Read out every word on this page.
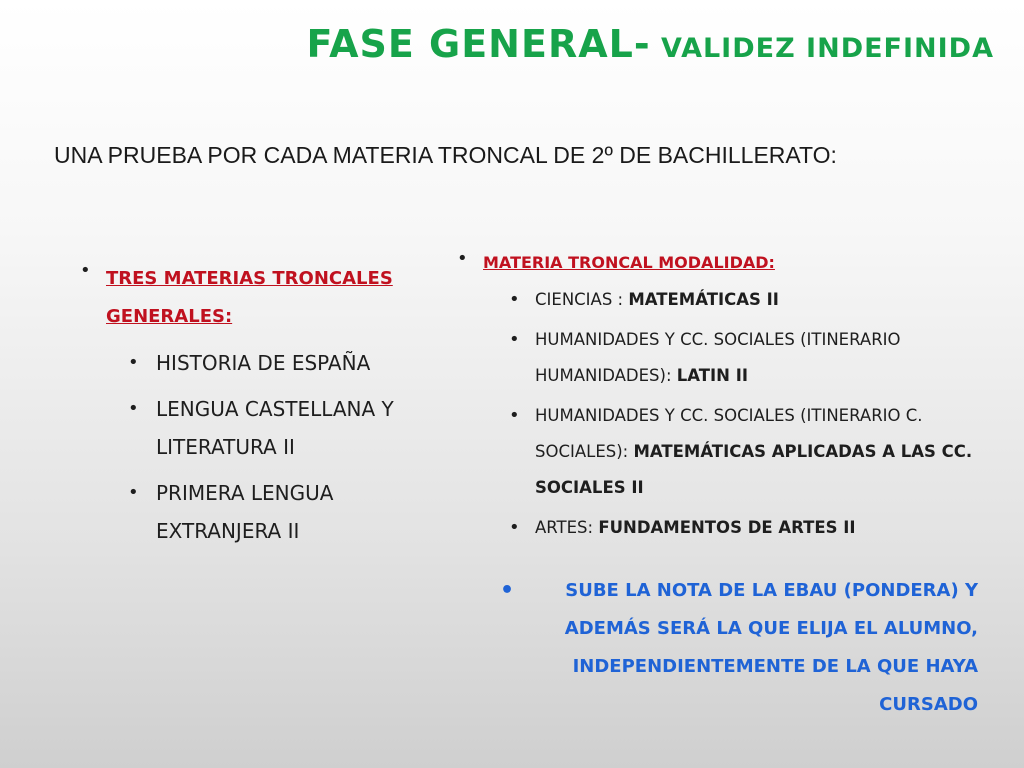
FASE GENERAL- VALIDEZ INDEFINIDA
UNA PRUEBA POR CADA MATERIA TRONCAL DE 2º DE BACHILLERATO:
• TRES MATERIAS TRONCALES GENERALES:
• HISTORIA DE ESPAÑA
• LENGUA CASTELLANA Y LITERATURA II
• PRIMERA LENGUA EXTRANJERA II
• MATERIA TRONCAL MODALIDAD:
• CIENCIAS : MATEMÁTICAS II
• HUMANIDADES Y CC. SOCIALES (ITINERARIO HUMANIDADES): LATIN II
• HUMANIDADES Y CC. SOCIALES (ITINERARIO C. SOCIALES): MATEMÁTICAS APLICADAS A LAS CC. SOCIALES II
• ARTES: FUNDAMENTOS DE ARTES II
• SUBE LA NOTA DE LA EBAU (PONDERA) Y ADEMÁS SERÁ LA QUE ELIJA EL ALUMNO, INDEPENDIENTEMENTE DE LA QUE HAYA CURSADO
